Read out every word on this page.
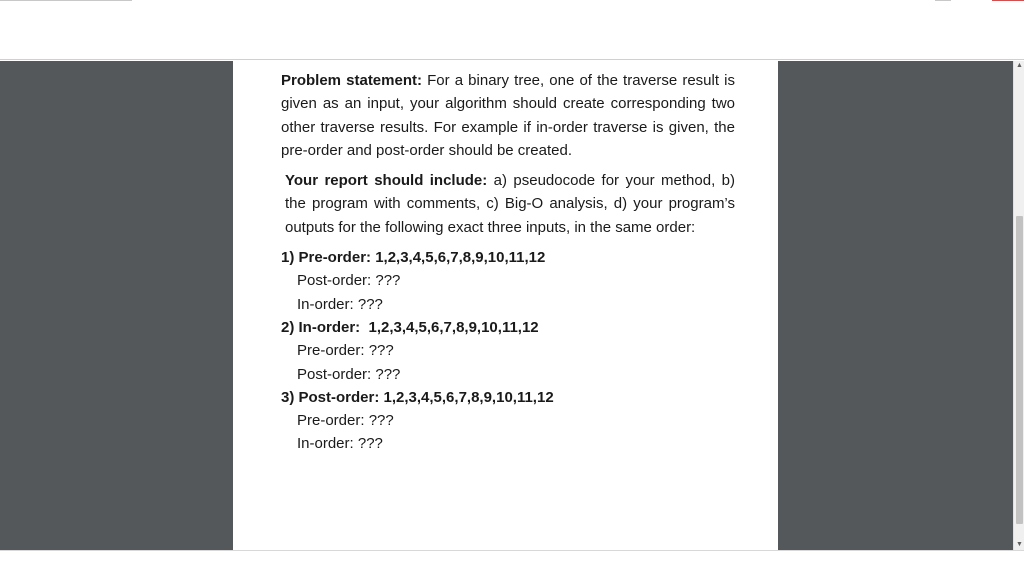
Problem statement: For a binary tree, one of the traverse result is given as an input, your algorithm should create corresponding two other traverse results. For example if in-order traverse is given, the pre-order and post-order should be created.

Your report should include: a) pseudocode for your method, b) the program with comments, c) Big-O analysis, d) your program’s outputs for the following exact three inputs, in the same order:

1) Pre-order: 1,2,3,4,5,6,7,8,9,10,11,12
Post-order: ???
In-order: ???
2) In-order:  1,2,3,4,5,6,7,8,9,10,11,12
Pre-order: ???
Post-order: ???
3) Post-order: 1,2,3,4,5,6,7,8,9,10,11,12
Pre-order: ???
In-order: ???
▲
▼
